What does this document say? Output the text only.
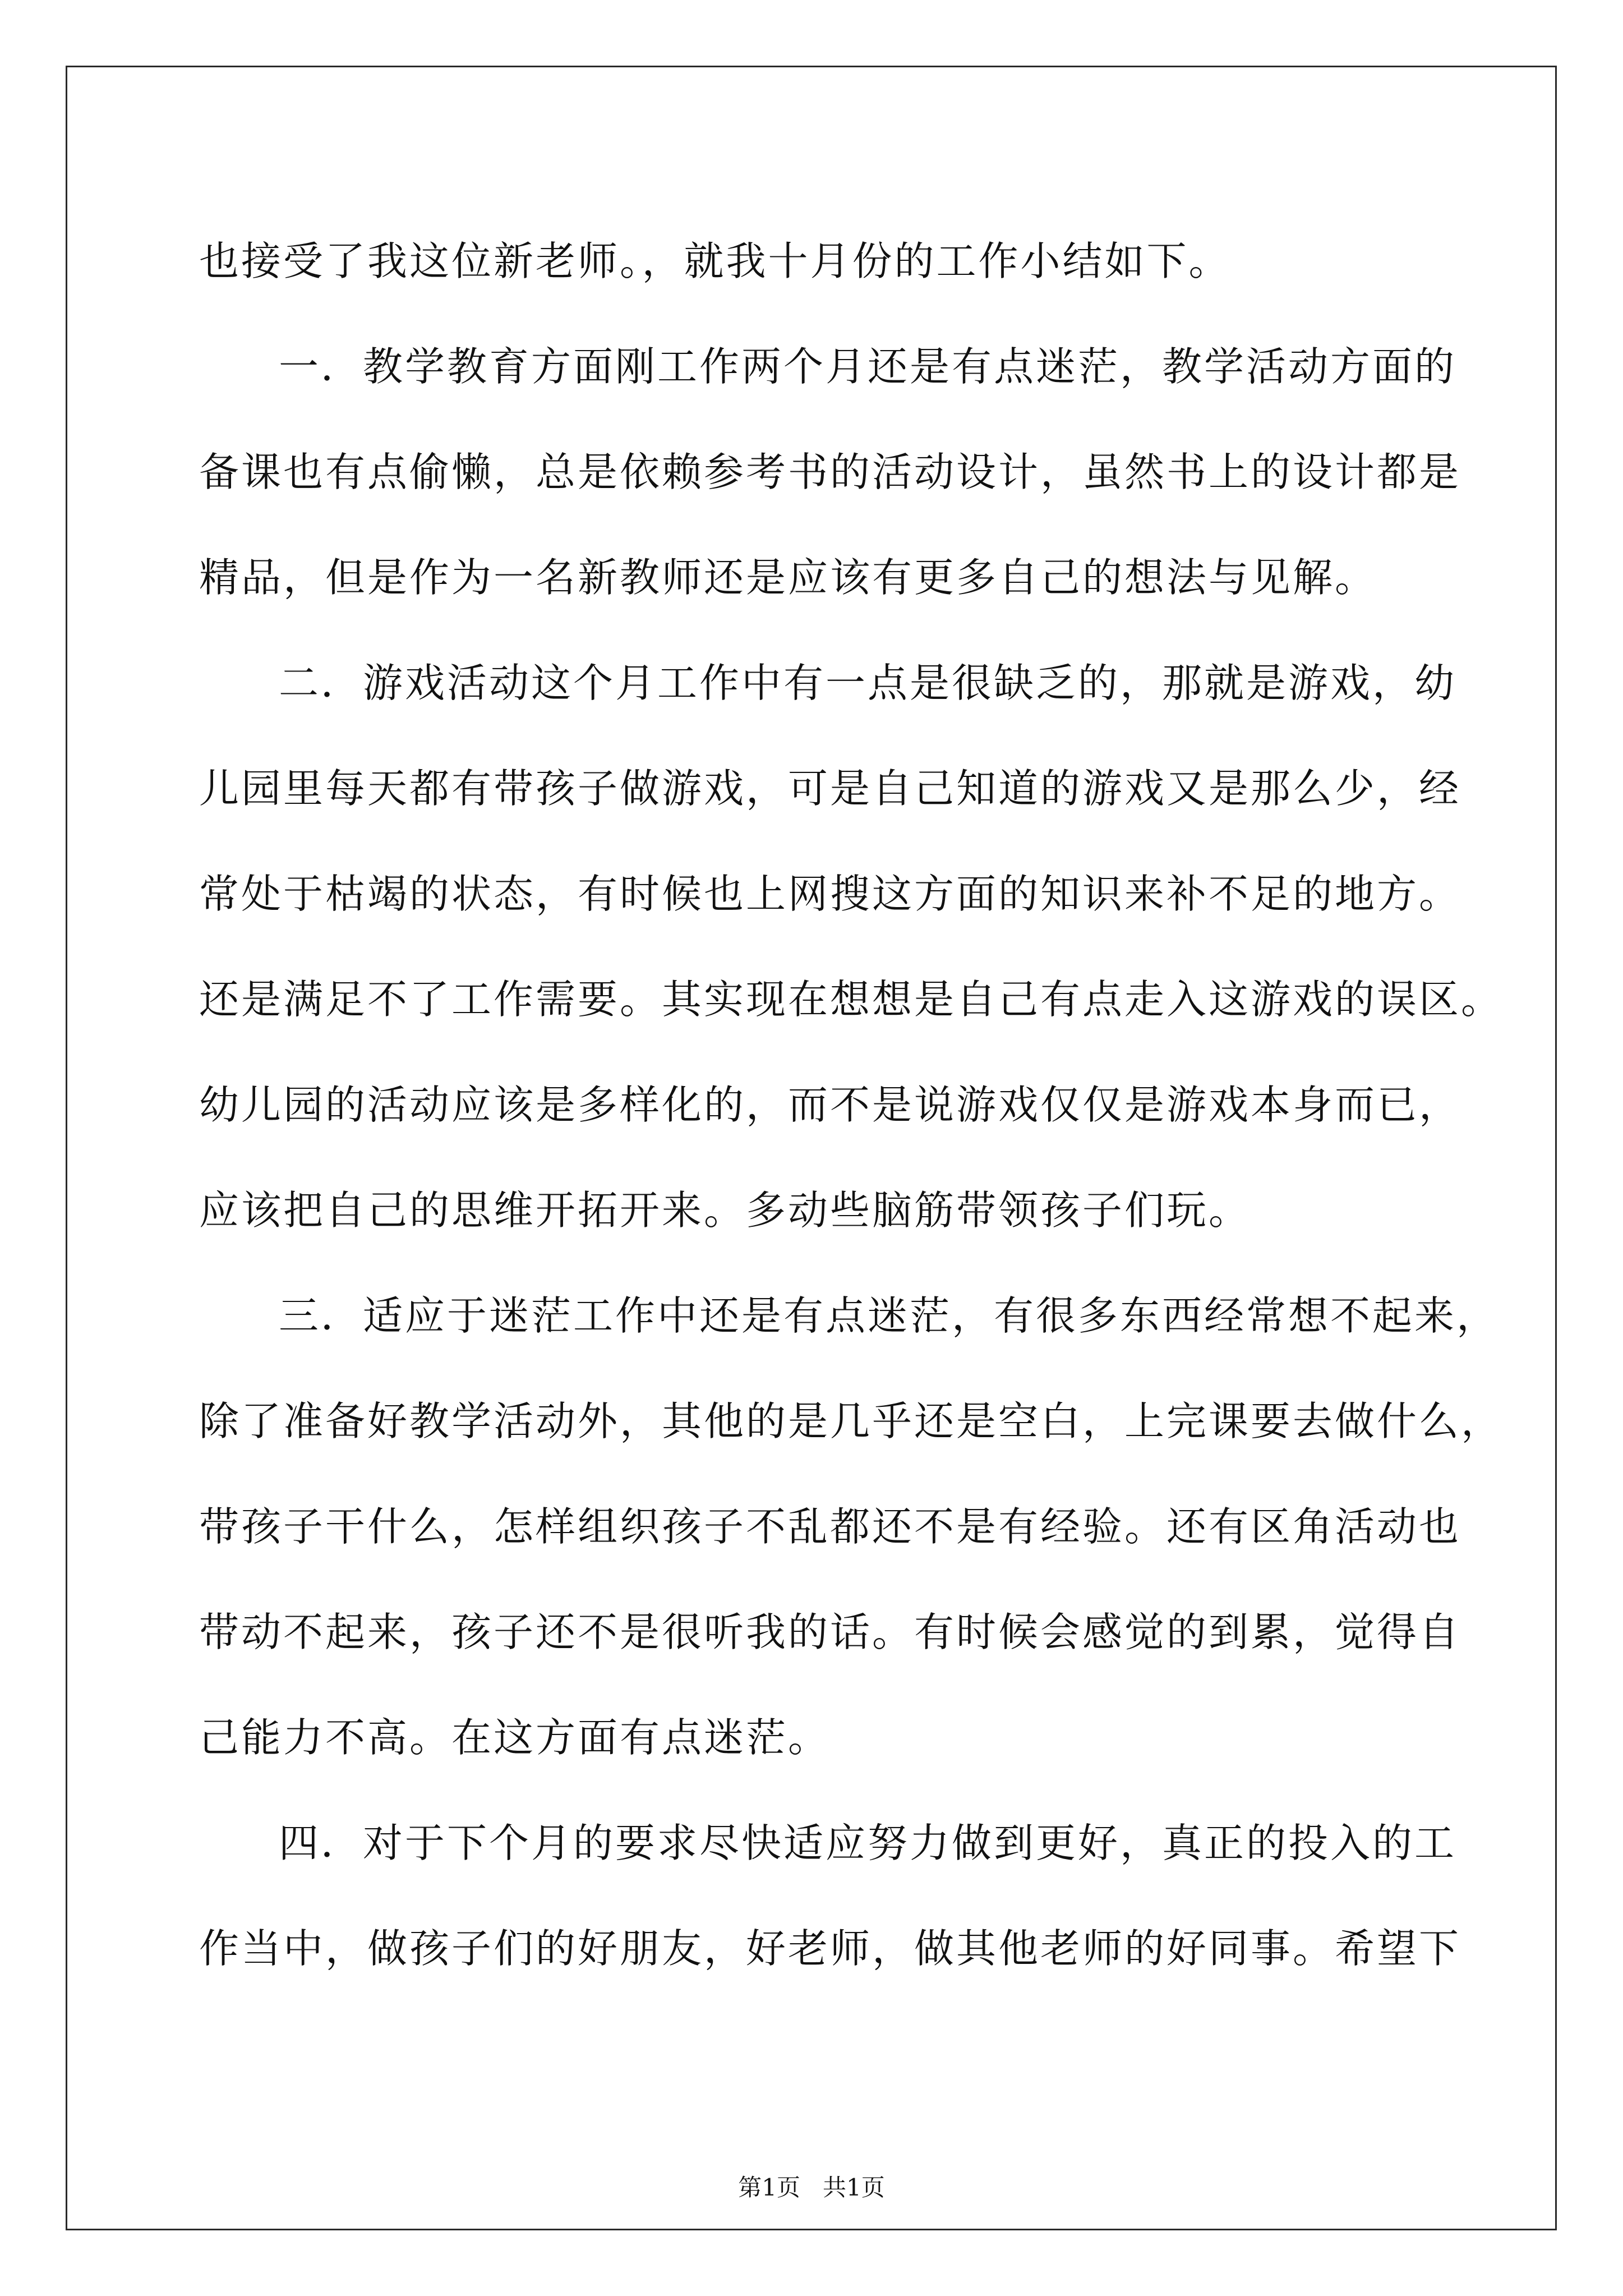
也接受了我这位新老师。，就我十月份的工作小结如下。
一．教学教育方面刚工作两个月还是有点迷茫，教学活动方面的
备课也有点偷懒，总是依赖参考书的活动设计，虽然书上的设计都是
精品，但是作为一名新教师还是应该有更多自己的想法与见解。
二．游戏活动这个月工作中有一点是很缺乏的，那就是游戏，幼
儿园里每天都有带孩子做游戏，可是自己知道的游戏又是那么少，经
常处于枯竭的状态，有时候也上网搜这方面的知识来补不足的地方。
还是满足不了工作需要。其实现在想想是自己有点走入这游戏的误区。
幼儿园的活动应该是多样化的，而不是说游戏仅仅是游戏本身而已，
应该把自己的思维开拓开来。多动些脑筋带领孩子们玩。
三．适应于迷茫工作中还是有点迷茫，有很多东西经常想不起来，
除了准备好教学活动外，其他的是几乎还是空白，上完课要去做什么，
带孩子干什么，怎样组织孩子不乱都还不是有经验。还有区角活动也
带动不起来，孩子还不是很听我的话。有时候会感觉的到累，觉得自
己能力不高。在这方面有点迷茫。
四．对于下个月的要求尽快适应努力做到更好，真正的投入的工
作当中，做孩子们的好朋友，好老师，做其他老师的好同事。希望下
第1页   共1页
